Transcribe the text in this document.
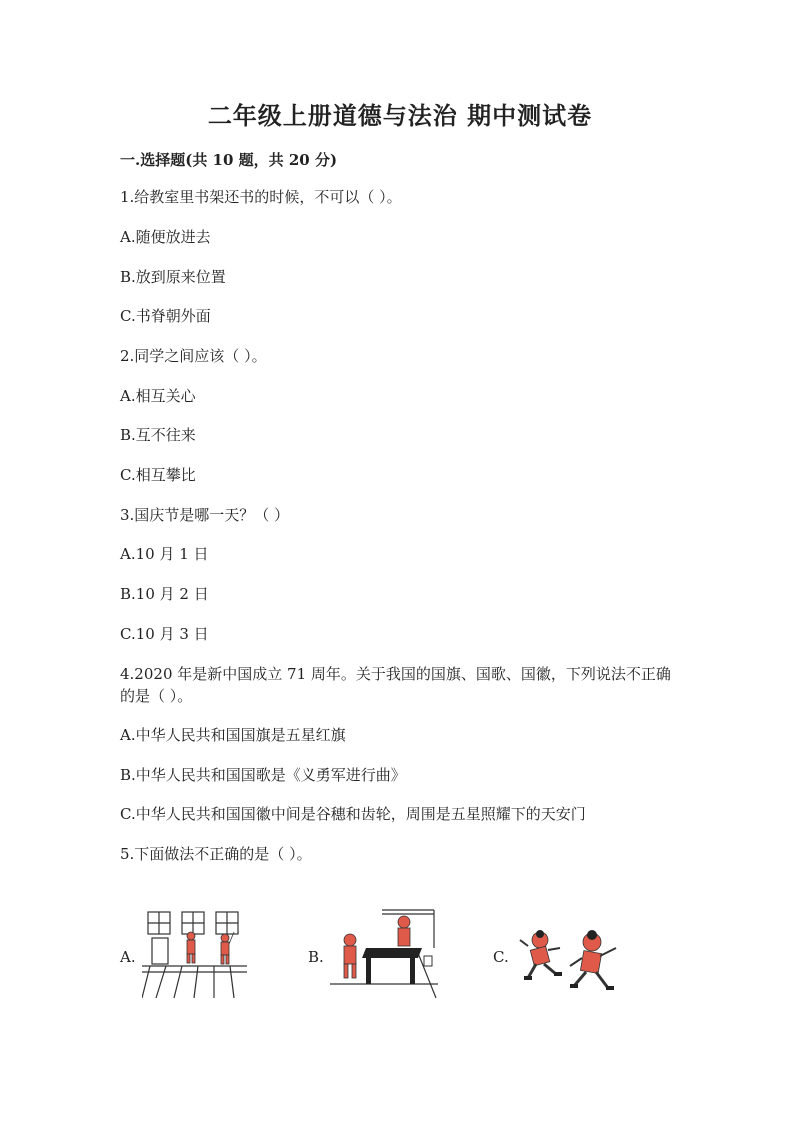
二年级上册道德与法治 期中测试卷

一.选择题(共 10 题，共 20 分)

1.给教室里书架还书的时候，不可以（ ）。

A.随便放进去

B.放到原来位置

C.书脊朝外面

2.同学之间应该（ ）。

A.相互关心

B.互不往来

C.相互攀比

3.国庆节是哪一天？（ ）

A.10 月 1 日

B.10 月 2 日

C.10 月 3 日

4.2020 年是新中国成立 71 周年。关于我国的国旗、国歌、国徽，下列说法不正确的是（ ）。

A.中华人民共和国国旗是五星红旗

B.中华人民共和国国歌是《义勇军进行曲》

C.中华人民共和国国徽中间是谷穗和齿轮，周围是五星照耀下的天安门

5.下面做法不正确的是（ ）。

A.	B.	C.
